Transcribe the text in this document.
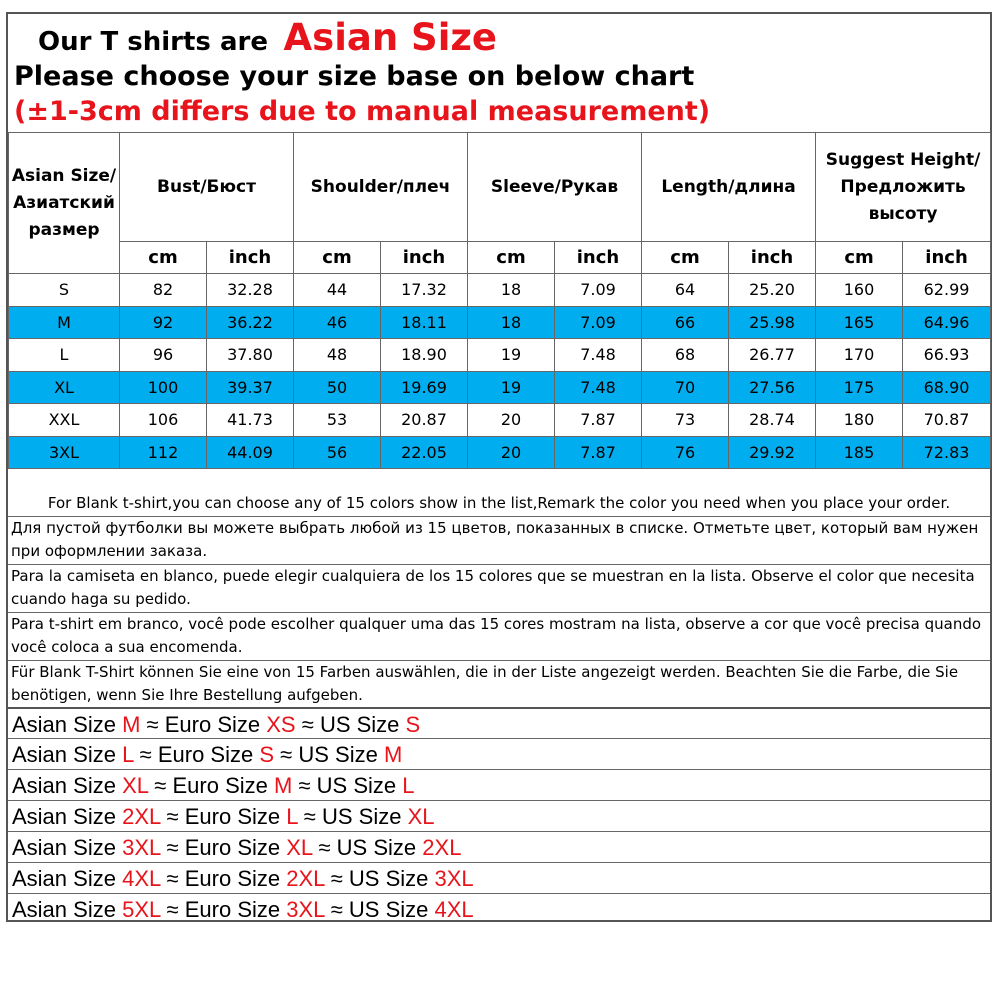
Our T shirts are Asian Size
Please choose your size base on below chart
(±1-3cm differs due to manual measurement)
Asian Size/Азиатский размер	Bust/Бюст		Shoulder/плеч		Sleeve/Рукав		Length/длина		Suggest Height/Предложить высоту	
	cm	inch	cm	inch	cm	inch	cm	inch	cm	inch
S	82	32.28	44	17.32	18	7.09	64	25.20	160	62.99
M	92	36.22	46	18.11	18	7.09	66	25.98	165	64.96
L	96	37.80	48	18.90	19	7.48	68	26.77	170	66.93
XL	100	39.37	50	19.69	19	7.48	70	27.56	175	68.90
XXL	106	41.73	53	20.87	20	7.87	73	28.74	180	70.87
3XL	112	44.09	56	22.05	20	7.87	76	29.92	185	72.83
For Blank t-shirt,you can choose any of 15 colors show in the list,Remark the color you need when you place your order.
Для пустой футболки вы можете выбрать любой из 15 цветов, показанных в списке. Отметьте цвет, который вам нужен при оформлении заказа.
Para la camiseta en blanco, puede elegir cualquiera de los 15 colores que se muestran en la lista. Observe el color que necesita cuando haga su pedido.
Para t-shirt em branco, você pode escolher qualquer uma das 15 cores mostram na lista, observe a cor que você precisa quando você coloca a sua encomenda.
Für Blank T-Shirt können Sie eine von 15 Farben auswählen, die in der Liste angezeigt werden. Beachten Sie die Farbe, die Sie benötigen, wenn Sie Ihre Bestellung aufgeben.
Asian Size M ≈ Euro Size XS ≈ US Size S
Asian Size L ≈ Euro Size S ≈ US Size M
Asian Size XL ≈ Euro Size M ≈ US Size L
Asian Size 2XL ≈ Euro Size L ≈ US Size XL
Asian Size 3XL ≈ Euro Size XL ≈ US Size 2XL
Asian Size 4XL ≈ Euro Size 2XL ≈ US Size 3XL
Asian Size 5XL ≈ Euro Size 3XL ≈ US Size 4XL
